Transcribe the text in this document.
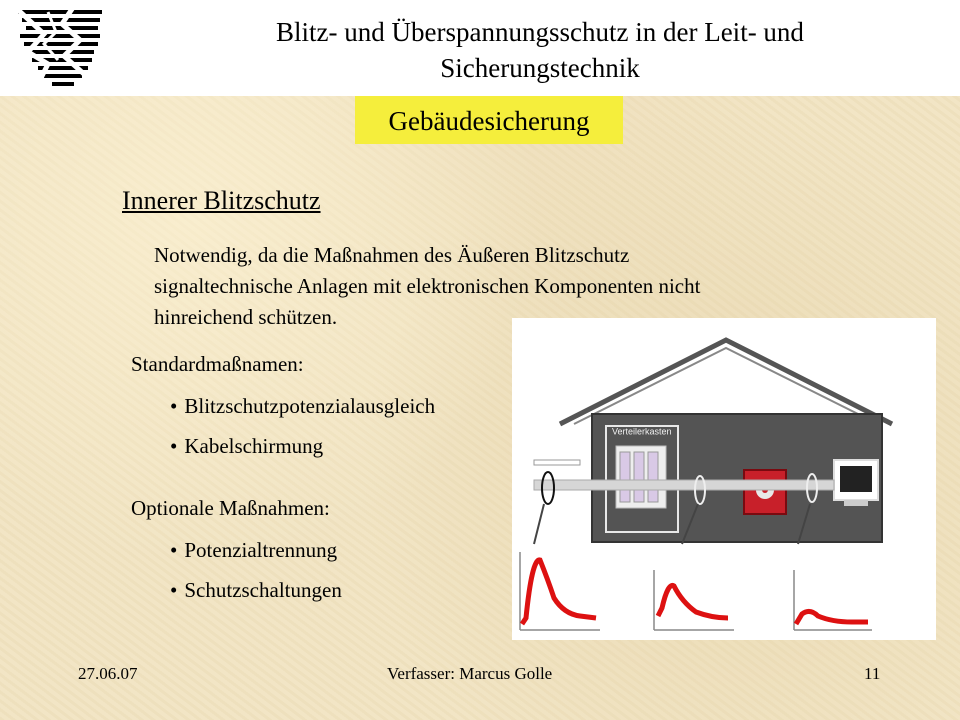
Blitz- und Überspannungsschutz in der Leit- und
Sicherungstechnik
Gebäudesicherung
Innerer Blitzschutz
Notwendig, da die Maßnahmen des Äußeren Blitzschutz
signaltechnische Anlagen mit elektronischen Komponenten nicht
hinreichend schützen.
Verteilerkasten
Standardmaßnamen:
• Blitzschutzpotenzialausgleich
• Kabelschirmung
Optionale Maßnahmen:
• Potenzialtrennung
• Schutzschaltungen
27.06.07	Verfasser: Marcus Golle	11
